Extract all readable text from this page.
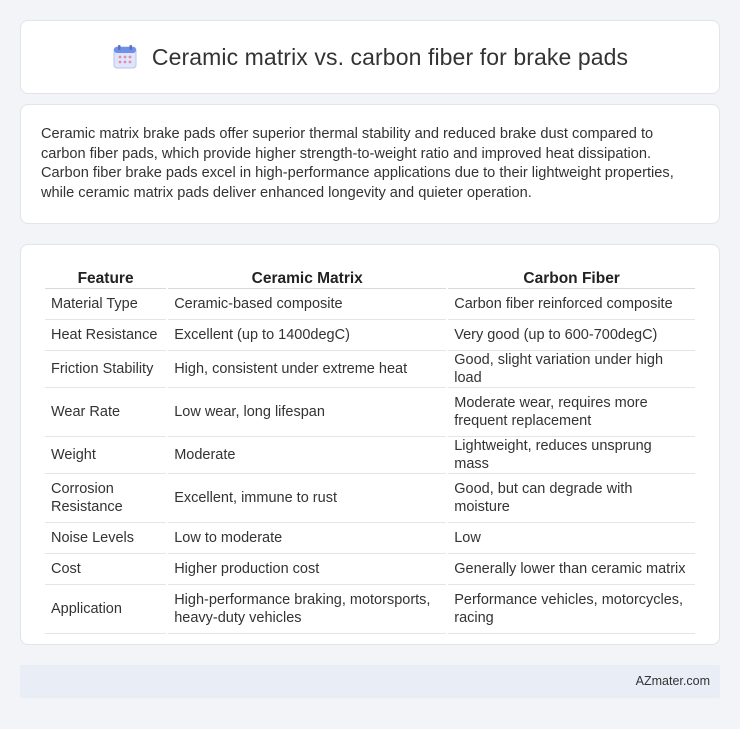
Ceramic matrix vs. carbon fiber for brake pads

Ceramic matrix brake pads offer superior thermal stability and reduced brake dust compared to carbon fiber pads, which provide higher strength-to-weight ratio and improved heat dissipation. Carbon fiber brake pads excel in high-performance applications due to their lightweight properties, while ceramic matrix pads deliver enhanced longevity and quieter operation.

Feature	Ceramic Matrix	Carbon Fiber
Material Type	Ceramic-based composite	Carbon fiber reinforced composite
Heat Resistance	Excellent (up to 1400degC)	Very good (up to 600-700degC)
Friction Stability	High, consistent under extreme heat	Good, slight variation under high load
Wear Rate	Low wear, long lifespan	Moderate wear, requires more frequent replacement
Weight	Moderate	Lightweight, reduces unsprung mass
Corrosion Resistance	Excellent, immune to rust	Good, but can degrade with moisture
Noise Levels	Low to moderate	Low
Cost	Higher production cost	Generally lower than ceramic matrix
Application	High-performance braking, motorsports, heavy-duty vehicles	Performance vehicles, motorcycles, racing
AZmater.com
